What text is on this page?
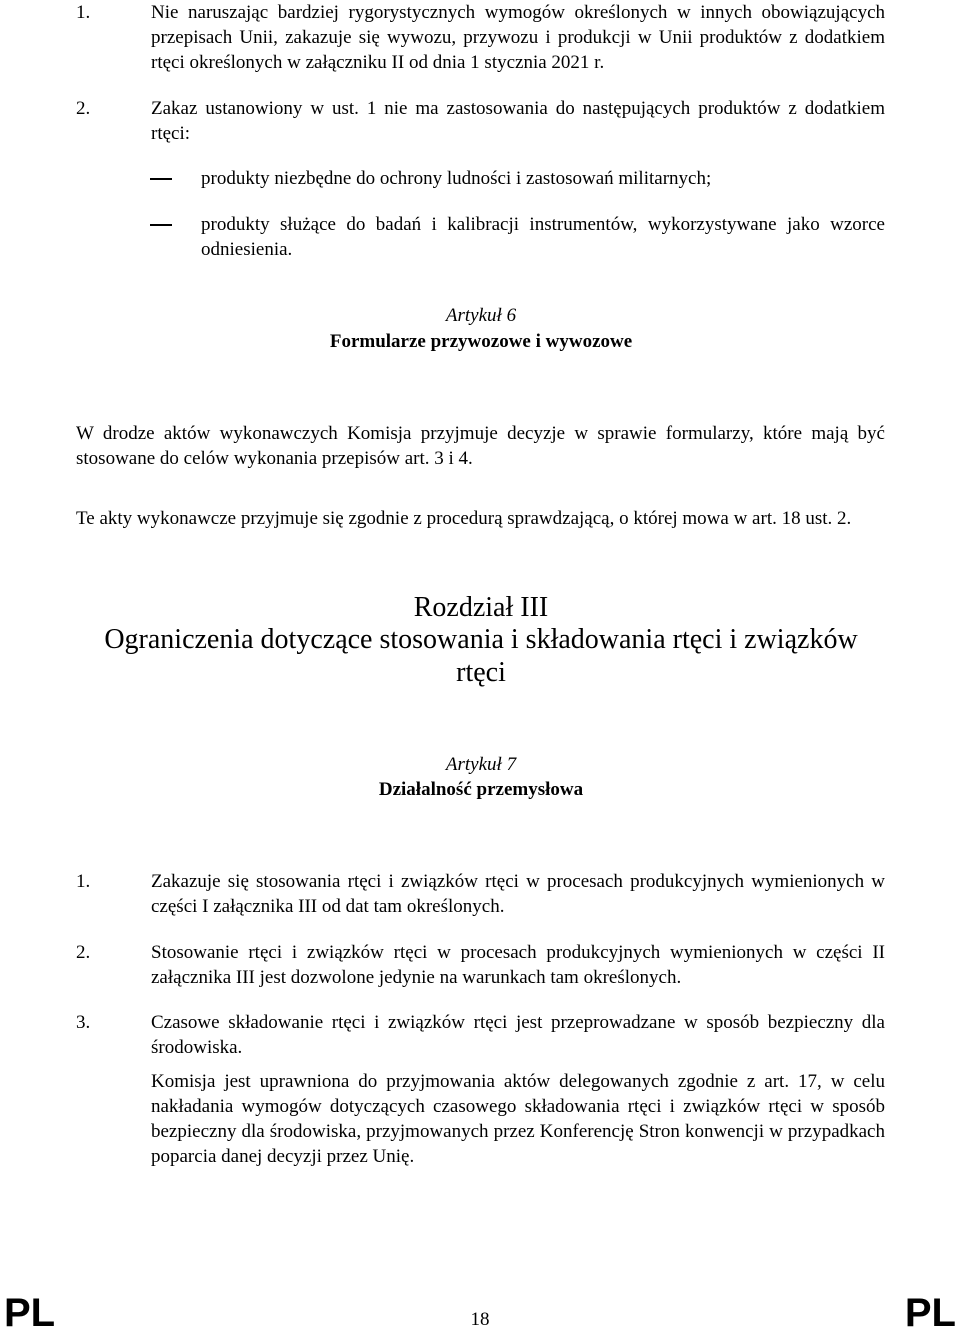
1.	Nie naruszając bardziej rygorystycznych wymogów określonych w innych obowiązujących przepisach Unii, zakazuje się wywozu, przywozu i produkcji w Unii produktów z dodatkiem rtęci określonych w załączniku II od dnia 1 stycznia 2021 r.
2.	Zakaz ustanowiony w ust. 1 nie ma zastosowania do następujących produktów z dodatkiem rtęci:
produkty niezbędne do ochrony ludności i zastosowań militarnych;
produkty służące do badań i kalibracji instrumentów, wykorzystywane jako wzorce odniesienia.
Artykuł 6
Formularze przywozowe i wywozowe
W drodze aktów wykonawczych Komisja przyjmuje decyzje w sprawie formularzy, które mają być stosowane do celów wykonania przepisów art. 3 i 4.
Te akty wykonawcze przyjmuje się zgodnie z procedurą sprawdzającą, o której mowa w art. 18 ust. 2.
Rozdział III
Ograniczenia dotyczące stosowania i składowania rtęci i związków rtęci
Artykuł 7
Działalność przemysłowa
1.	Zakazuje się stosowania rtęci i związków rtęci w procesach produkcyjnych wymienionych w części I załącznika III od dat tam określonych.
2.	Stosowanie rtęci i związków rtęci w procesach produkcyjnych wymienionych w części II załącznika III jest dozwolone jedynie na warunkach tam określonych.
3.	Czasowe składowanie rtęci i związków rtęci jest przeprowadzane w sposób bezpieczny dla środowiska.
Komisja jest uprawniona do przyjmowania aktów delegowanych zgodnie z art. 17, w celu nakładania wymogów dotyczących czasowego składowania rtęci i związków rtęci w sposób bezpieczny dla środowiska, przyjmowanych przez Konferencję Stron konwencji w przypadkach poparcia danej decyzji przez Unię.
PL	18	PL
